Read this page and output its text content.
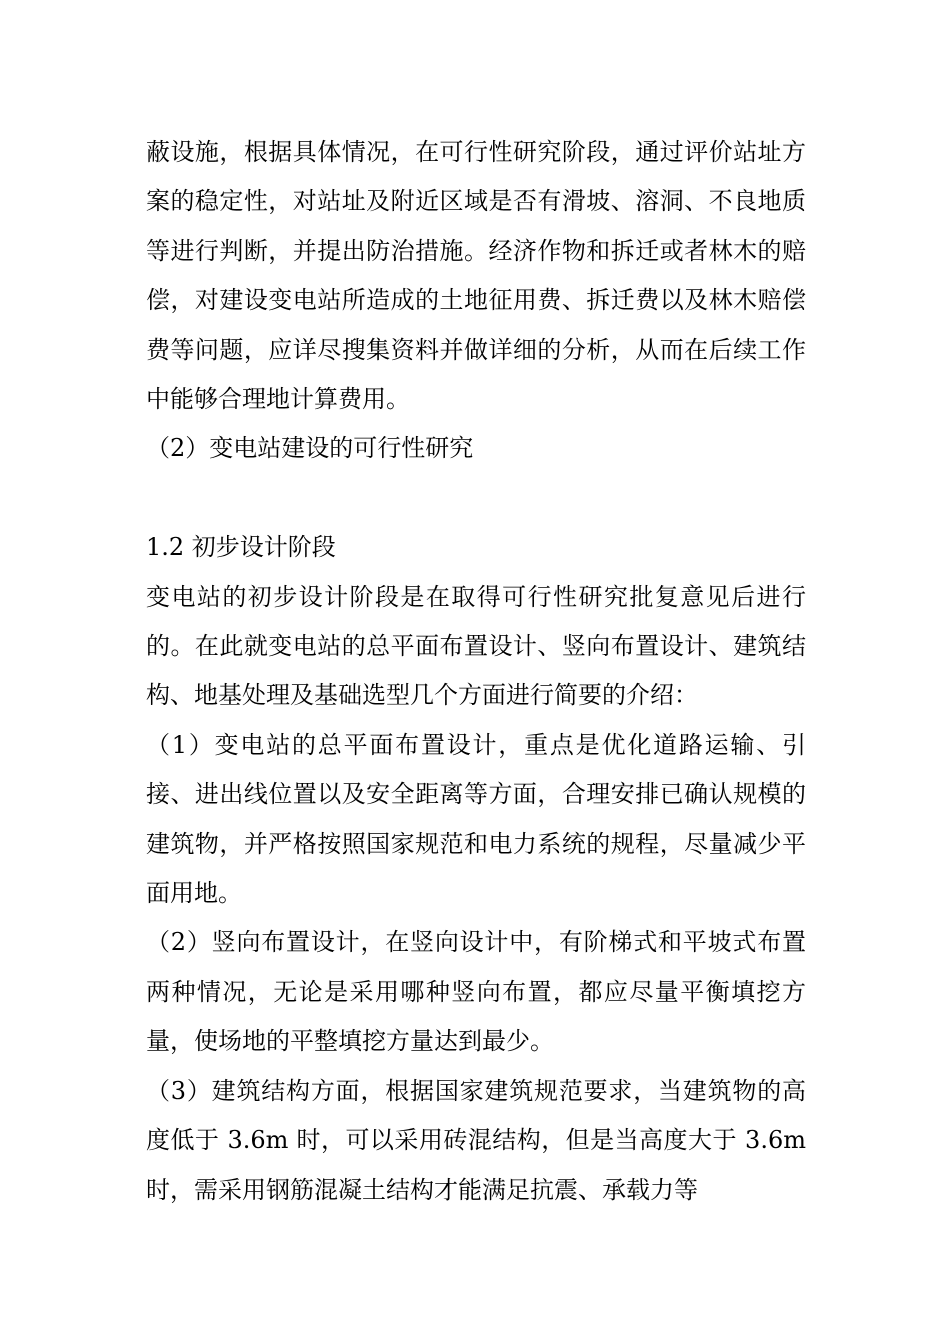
蔽设施，根据具体情况，在可行性研究阶段，通过评价站址方案的稳定性，对站址及附近区域是否有滑坡、溶洞、不良地质等进行判断，并提出防治措施。经济作物和拆迁或者林木的赔偿，对建设变电站所造成的土地征用费、拆迁费以及林木赔偿费等问题，应详尽搜集资料并做详细的分析，从而在后续工作中能够合理地计算费用。

（2）变电站建设的可行性研究

1.2 初步设计阶段

变电站的初步设计阶段是在取得可行性研究批复意见后进行的。在此就变电站的总平面布置设计、竖向布置设计、建筑结构、地基处理及基础选型几个方面进行简要的介绍：

（1）变电站的总平面布置设计，重点是优化道路运输、引接、进出线位置以及安全距离等方面，合理安排已确认规模的建筑物，并严格按照国家规范和电力系统的规程，尽量减少平面用地。

（2）竖向布置设计，在竖向设计中，有阶梯式和平坡式布置两种情况，无论是采用哪种竖向布置，都应尽量平衡填挖方量，使场地的平整填挖方量达到最少。

（3）建筑结构方面，根据国家建筑规范要求，当建筑物的高度低于 3.6m 时，可以采用砖混结构，但是当高度大于 3.6m 时，需采用钢筋混凝土结构才能满足抗震、承载力等
